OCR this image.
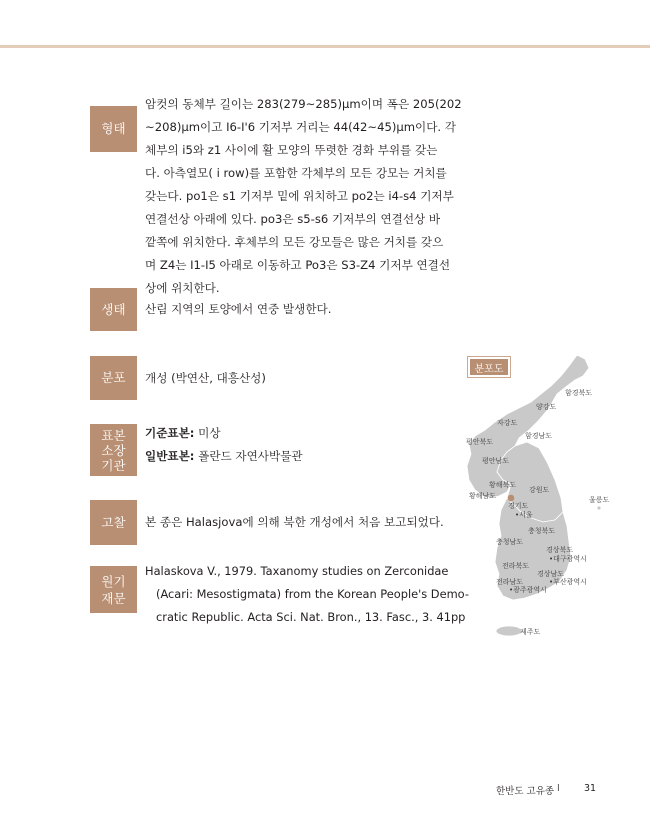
형태
암컷의 동체부 길이는 283(279∼285)μm이며 폭은 205(202
∼208)μm이고 I6-I'6 기저부 거리는 44(42∼45)μm이다. 각
체부의 i5와 z1 사이에 활 모양의 뚜렷한 경화 부위를 갖는
다. 아측열모( i row)를 포함한 각체부의 모든 강모는 거치를
갖는다. po1은 s1 기저부 밑에 위치하고 po2는 i4-s4 기저부
연결선상 아래에 있다. po3은 s5-s6 기저부의 연결선상 바
깥쪽에 위치한다. 후체부의 모든 강모들은 많은 거치를 갖으
며 Z4는 I1-I5 아래로 이동하고 Po3은 S3-Z4 기저부 연결선
상에 위치한다.
생태 산림 지역의 토양에서 연중 발생한다.
분포 개성 (박연산, 대흥산성)
표본
소장
기관
기준표본: 미상
일반표본: 폴란드 자연사박물관
고찰 본 종은 Halasjova에 의해 북한 개성에서 처음 보고되었다.
원기
재문
Halaskova V., 1979. Taxanomy studies on Zerconidae
(Acari: Mesostigmata) from the Korean People's Demo-
cratic Republic. Acta Sci. Nat. Bron., 13. Fasc., 3. 41pp
분포도
함경북도
양강도
자강도
함경남도
평안북도
평안남도
황해북도
강원도
황해남도
경기도
•서울
울릉도
충청북도
충청남도
경상북도
•대구광역시
전라북도
경상남도
전라남도	•부산광역시
•광주광역시
제주도
한반도 고유종 I	31
